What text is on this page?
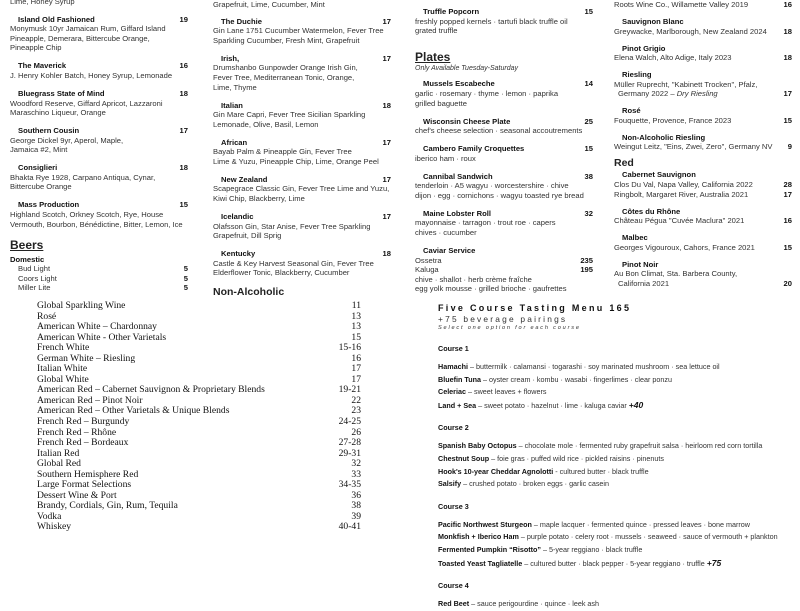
Lime, Honey Syrup
Island Old Fashioned	19
Monymusk 10yr Jamaican Rum, Giffard Island
Pineapple, Demerara, Bittercube Orange,
Pineapple Chip
The Maverick	16
J. Henry Kohler Batch, Honey Syrup, Lemonade
Bluegrass State of Mind	18
Woodford Reserve, Giffard Apricot, Lazzaroni
Maraschino Liqueur, Orange
Southern Cousin	17
George Dickel 9yr, Aperol, Maple,
Jamaica #2, Mint
Consiglieri	18
Bhakta Rye 1928, Carpano Antiqua, Cynar,
Bittercube Orange
Mass Production	15
Highland Scotch, Orkney Scotch, Rye, House
Vermouth, Bourbon, Bénédictine, Bitter, Lemon, Ice
Beers
Domestic
Bud Light	5
Coors Light	5
Miller Lite	5
Grapefruit, Lime, Cucumber, Mint
The Duchie	17
Gin Lane 1751 Cucumber Watermelon, Fever Tree
Sparkling Cucumber, Fresh Mint, Grapefruit
Irish,	17
Drumshanbo Gunpowder Orange Irish Gin,
Fever Tree, Mediterranean Tonic, Orange,
Lime, Thyme
Italian	18
Gin Mare Capri, Fever Tree Sicilian Sparkling
Lemonade, Olive, Basil, Lemon
African	17
Bayab Palm & Pineapple Gin, Fever Tree
Lime & Yuzu, Pineapple Chip, Lime, Orange Peel
New Zealand	17
Scapegrace Classic Gin, Fever Tree Lime and Yuzu,
Kiwi Chip, Blackberry, Lime
Icelandic	17
Olafsson Gin, Star Anise, Fever Tree Sparkling
Grapefruit, Dill Sprig
Kentucky	18
Castle & Key Harvest Seasonal Gin, Fever Tree
Elderflower Tonic, Blackberry, Cucumber
Non-Alcoholic
Truffle Popcorn	15
freshly popped kernels · tartufi black truffle oil
grated truffle
Plates
Only Available Tuesday-Saturday
Mussels Escabeche	14
garlic · rosemary · thyme · lemon · paprika
grilled baguette
Wisconsin Cheese Plate	25
chef's cheese selection · seasonal accoutrements
Cambero Family Croquettes	15
iberico ham · roux
Cannibal Sandwich	38
tenderloin · A5 wagyu · worcestershire · chive
dijon · egg · cornichons · wagyu toasted rye bread
Maine Lobster Roll	32
mayonnaise · tarragon · trout roe · capers
chives · cucumber
Caviar Service
Ossetra	235
Kaluga	195
chive · shallot · herb crème fraîche
egg yolk mousse · grilled brioche · gaufrettes
Roots Wine Co., Willamette Valley 2019	16
Sauvignon Blanc
Greywacke, Marlborough, New Zealand 2024 18
Pinot Grigio
Elena Walch, Alto Adige, Italy 2023	18
Riesling
Müller Ruprecht, "Kabinett Trocken", Pfalz,
Germany 2022 – Dry Riesling	17
Rosé
Fouquette, Provence, France 2023	15
Non-Alcoholic Riesling
Weingut Leitz, "Eins, Zwei, Zero", Germany NV 9
Red
Cabernet Sauvignon
Clos Du Val, Napa Valley, California 2022	28
Ringbolt, Margaret River, Australia 2021	17
Côtes du Rhône
Château Pégua "Cuvée Maclura" 2021	16
Malbec
Georges Vigouroux, Cahors, France 2021	15
Pinot Noir
Au Bon Climat, Sta. Barbera County,
California 2021	20
Global Sparkling Wine	11
Rosé	13
American White – Chardonnay	13
American White - Other Varietals	15
French White	15-16
German White – Riesling	16
Italian White	17
Global White	17
American Red – Cabernet Sauvignon & Proprietary Blends	19-21
American Red – Pinot Noir	22
American Red – Other Varietals & Unique Blends	23
French Red – Burgundy	24-25
French Red – Rhône	26
French Red – Bordeaux	27-28
Italian Red	29-31
Global Red	32
Southern Hemisphere Red	33
Large Format Selections	34-35
Dessert Wine & Port	36
Brandy, Cordials, Gin, Rum, Tequila	38
Vodka	39
Whiskey	40-41
Five Course Tasting Menu 165
+75 beverage pairings
Select one option for each course
Course 1
Hamachi – buttermilk · calamansi · togarashi · soy marinated mushroom · sea lettuce oil
Bluefin Tuna – oyster cream · kombu · wasabi · fingerlimes · clear ponzu
Celeriac – sweet leaves + flowers
Land + Sea – sweet potato · hazelnut · lime · kaluga caviar +40
Course 2
Spanish Baby Octopus – chocolate mole · fermented ruby grapefruit salsa · heirloom red corn tortilla
Chestnut Soup – foie gras · puffed wild rice · pickled raisins · pinenuts
Hook's 10-year Cheddar Agnolotti - cultured butter · black truffle
Salsify – crushed potato · broken eggs · garlic casein
Course 3
Pacific Northwest Sturgeon – maple lacquer · fermented quince · pressed leaves · bone marrow
Monkfish + Iberico Ham – purple potato · celery root · mussels · seaweed · sauce of vermouth + plankton
Fermented Pumpkin “Risotto” – 5-year reggiano · black truffle
Toasted Yeast Tagliatelle – cultured butter · black pepper · 5-year reggiano · truffle +75
Course 4
Red Beet – sauce perigourdine · quince · leek ash
